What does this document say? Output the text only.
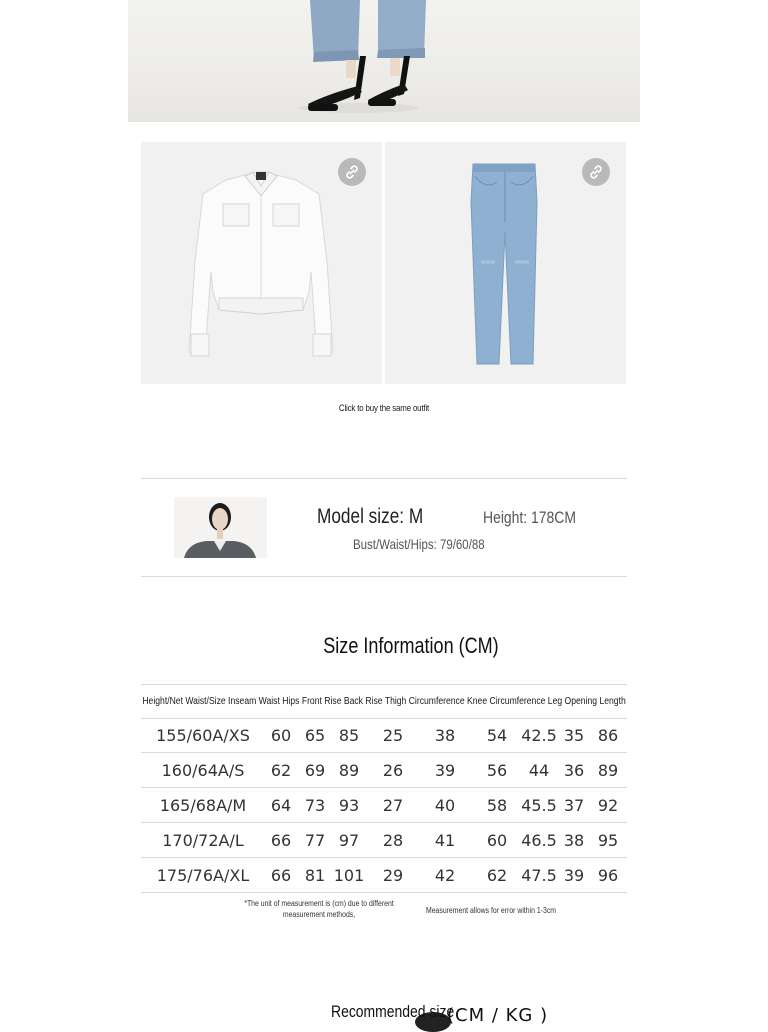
Click to buy the same outfit
Model size: M	Height: 178CM
Bust/Waist/Hips: 79/60/88
Size Information (CM)
Height/Net Waist/Size Inseam Waist Hips Front Rise Back Rise Thigh Circumference Knee Circumference Leg Opening Length
155/60A/XS 60 65 85 25 38 54 42.5 35 86
160/64A/S 62 69 89 26 39 56 44 36 89
165/68A/M 64 73 93 27 40 58 45.5 37 92
170/72A/L 66 77 97 28 41 60 46.5 38 95
175/76A/XL 66 81 101 29 42 62 47.5 39 96
*The unit of measurement is (cm) due to different measurement methods,	Measurement allows for error within 1-3cm
Recommended size
(CM / KG )
